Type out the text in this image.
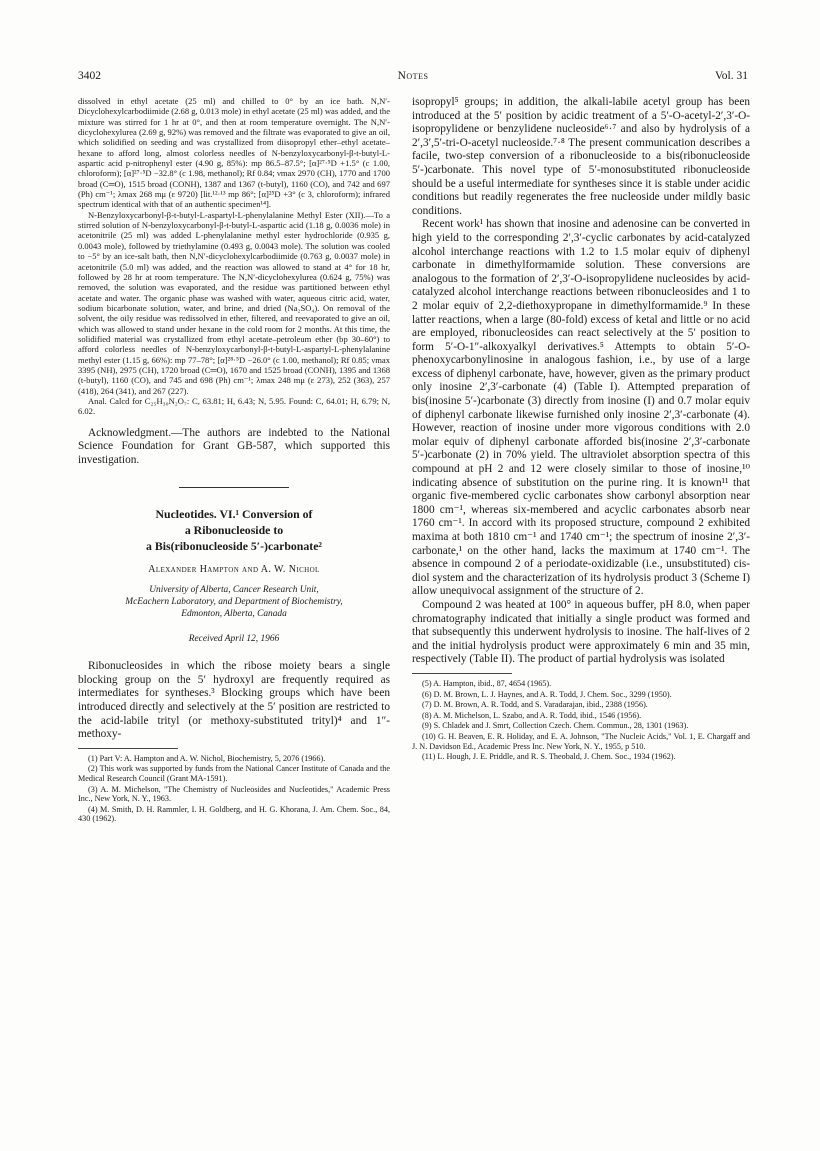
3402	Notes	Vol. 31

dissolved in ethyl acetate (25 ml) and chilled to 0° by an ice bath. N,N′-Dicyclohexylcarbodiimide (2.68 g, 0.013 mole) in ethyl acetate (25 ml) was added, and the mixture was stirred for 1 hr at 0°, and then at room temperature overnight. The N,N′-dicyclohexylurea (2.69 g, 92%) was removed and the filtrate was evaporated to give an oil, which solidified on seeding and was crystallized from diisopropyl ether–ethyl acetate–hexane to afford long, almost colorless needles of N-benzyloxycarbonyl-β-t-butyl-L-aspartic acid p-nitrophenyl ester (4.90 g, 85%): mp 86.5–87.5°; [α]²⁷·⁵D +1.5° (c 1.00, chloroform); [α]²⁷·⁵D −32.8° (c 1.98, methanol); Rf 0.84; νmax 2970 (CH), 1770 and 1700 broad (C═O), 1515 broad (CONH), 1387 and 1367 (t-butyl), 1160 (CO), and 742 and 697 (Ph) cm⁻¹; λmax 268 mμ (ε 9720) [lit.¹²·¹³ mp 86°; [α]²⁵D +3° (c 3, chloroform); infrared spectrum identical with that of an authentic specimen¹⁴].

N-Benzyloxycarbonyl-β-t-butyl-L-aspartyl-L-phenylalanine Methyl Ester (XII).—To a stirred solution of N-benzyloxycarbonyl-β-t-butyl-L-aspartic acid (1.18 g, 0.0036 mole) in acetonitrile (25 ml) was added L-phenylalanine methyl ester hydrochloride (0.935 g, 0.0043 mole), followed by triethylamine (0.493 g, 0.0043 mole). The solution was cooled to −5° by an ice-salt bath, then N,N′-dicyclohexylcarbodiimide (0.763 g, 0.0037 mole) in acetonitrile (5.0 ml) was added, and the reaction was allowed to stand at 4° for 18 hr, followed by 28 hr at room temperature. The N,N′-dicyclohexylurea (0.624 g, 75%) was removed, the solution was evaporated, and the residue was partitioned between ethyl acetate and water. The organic phase was washed with water, aqueous citric acid, water, sodium bicarbonate solution, water, and brine, and dried (Na₂SO₄). On removal of the solvent, the oily residue was redissolved in ether, filtered, and reevaporated to give an oil, which was allowed to stand under hexane in the cold room for 2 months. At this time, the solidified material was crystallized from ethyl acetate–petroleum ether (bp 30–60°) to afford colorless needles of N-benzyloxycarbonyl-β-t-butyl-L-aspartyl-L-phenylalanine methyl ester (1.15 g, 66%): mp 77–78°; [α]²⁸·⁵D −26.0° (c 1.00, methanol); Rf 0.85; νmax 3395 (NH), 2975 (CH), 1720 broad (C═O), 1670 and 1525 broad (CONH), 1395 and 1368 (t-butyl), 1160 (CO), and 745 and 698 (Ph) cm⁻¹; λmax 248 mμ (ε 273), 252 (363), 257 (418), 264 (341), and 267 (227).

Anal. Calcd for C₂₅H₃₀N₂O₇: C, 63.81; H, 6.43; N, 5.95. Found: C, 64.01; H, 6.79; N, 6.02.

Acknowledgment.—The authors are indebted to the National Science Foundation for Grant GB-587, which supported this investigation.

Nucleotides. VI.¹ Conversion of

a Ribonucleoside to

a Bis(ribonucleoside 5′-)carbonate²

Alexander Hampton and A. W. Nichol

University of Alberta, Cancer Research Unit,
McEachern Laboratory, and Department of Biochemistry,
Edmonton, Alberta, Canada

Received April 12, 1966

Ribonucleosides in which the ribose moiety bears a single blocking group on the 5′ hydroxyl are frequently required as intermediates for syntheses.³ Blocking groups which have been introduced directly and selectively at the 5′ position are restricted to the acid-labile trityl (or methoxy-substituted trityl)⁴ and 1″-methoxy-

(1) Part V: A. Hampton and A. W. Nichol, Biochemistry, 5, 2076 (1966).

(2) This work was supported by funds from the National Cancer Institute of Canada and the Medical Research Council (Grant MA-1591).

(3) A. M. Michelson, "The Chemistry of Nucleosides and Nucleotides," Academic Press Inc., New York, N. Y., 1963.

(4) M. Smith, D. H. Rammler, I. H. Goldberg, and H. G. Khorana, J. Am. Chem. Soc., 84, 430 (1962).

isopropyl⁵ groups; in addition, the alkali-labile acetyl group has been introduced at the 5′ position by acidic treatment of a 5′-O-acetyl-2′,3′-O-isopropylidene or benzylidene nucleoside⁶·⁷ and also by hydrolysis of a 2′,3′,5′-tri-O-acetyl nucleoside.⁷·⁸ The present communication describes a facile, two-step conversion of a ribonucleoside to a bis(ribonucleoside 5′-)carbonate. This novel type of 5′-monosubstituted ribonucleoside should be a useful intermediate for syntheses since it is stable under acidic conditions but readily regenerates the free nucleoside under mildly basic conditions.

Recent work¹ has shown that inosine and adenosine can be converted in high yield to the corresponding 2′,3′-cyclic carbonates by acid-catalyzed alcohol interchange reactions with 1.2 to 1.5 molar equiv of diphenyl carbonate in dimethylformamide solution. These conversions are analogous to the formation of 2′,3′-O-isopropylidene nucleosides by acid-catalyzed alcohol interchange reactions between ribonucleosides and 1 to 2 molar equiv of 2,2-diethoxypropane in dimethylformamide.⁹ In these latter reactions, when a large (80-fold) excess of ketal and little or no acid are employed, ribonucleosides can react selectively at the 5′ position to form 5′-O-1″-alkoxyalkyl derivatives.⁵ Attempts to obtain 5′-O-phenoxycarbonylinosine in analogous fashion, i.e., by use of a large excess of diphenyl carbonate, have, however, given as the primary product only inosine 2′,3′-carbonate (4) (Table I). Attempted preparation of bis(inosine 5′-)carbonate (3) directly from inosine (I) and 0.7 molar equiv of diphenyl carbonate likewise furnished only inosine 2′,3′-carbonate (4). However, reaction of inosine under more vigorous conditions with 2.0 molar equiv of diphenyl carbonate afforded bis(inosine 2′,3′-carbonate 5′-)carbonate (2) in 70% yield. The ultraviolet absorption spectra of this compound at pH 2 and 12 were closely similar to those of inosine,¹⁰ indicating absence of substitution on the purine ring. It is known¹¹ that organic five-membered cyclic carbonates show carbonyl absorption near 1800 cm⁻¹, whereas six-membered and acyclic carbonates absorb near 1760 cm⁻¹. In accord with its proposed structure, compound 2 exhibited maxima at both 1810 cm⁻¹ and 1740 cm⁻¹; the spectrum of inosine 2′,3′-carbonate,¹ on the other hand, lacks the maximum at 1740 cm⁻¹. The absence in compound 2 of a periodate-oxidizable (i.e., unsubstituted) cis-diol system and the characterization of its hydrolysis product 3 (Scheme I) allow unequivocal assignment of the structure of 2.

Compound 2 was heated at 100° in aqueous buffer, pH 8.0, when paper chromatography indicated that initially a single product was formed and that subsequently this underwent hydrolysis to inosine. The half-lives of 2 and the initial hydrolysis product were approximately 6 min and 35 min, respectively (Table II). The product of partial hydrolysis was isolated

(5) A. Hampton, ibid., 87, 4654 (1965).

(6) D. M. Brown, L. J. Haynes, and A. R. Todd, J. Chem. Soc., 3299 (1950).

(7) D. M. Brown, A. R. Todd, and S. Varadarajan, ibid., 2388 (1956).

(8) A. M. Michelson, L. Szabo, and A. R. Todd, ibid., 1546 (1956).

(9) S. Chladek and J. Smrt, Collection Czech. Chem. Commun., 28, 1301 (1963).

(10) G. H. Beaven, E. R. Holiday, and E. A. Johnson, "The Nucleic Acids," Vol. 1, E. Chargaff and J. N. Davidson Ed., Academic Press Inc. New York, N. Y., 1955, p 510.

(11) L. Hough, J. E. Priddle, and R. S. Theobald, J. Chem. Soc., 1934 (1962).
